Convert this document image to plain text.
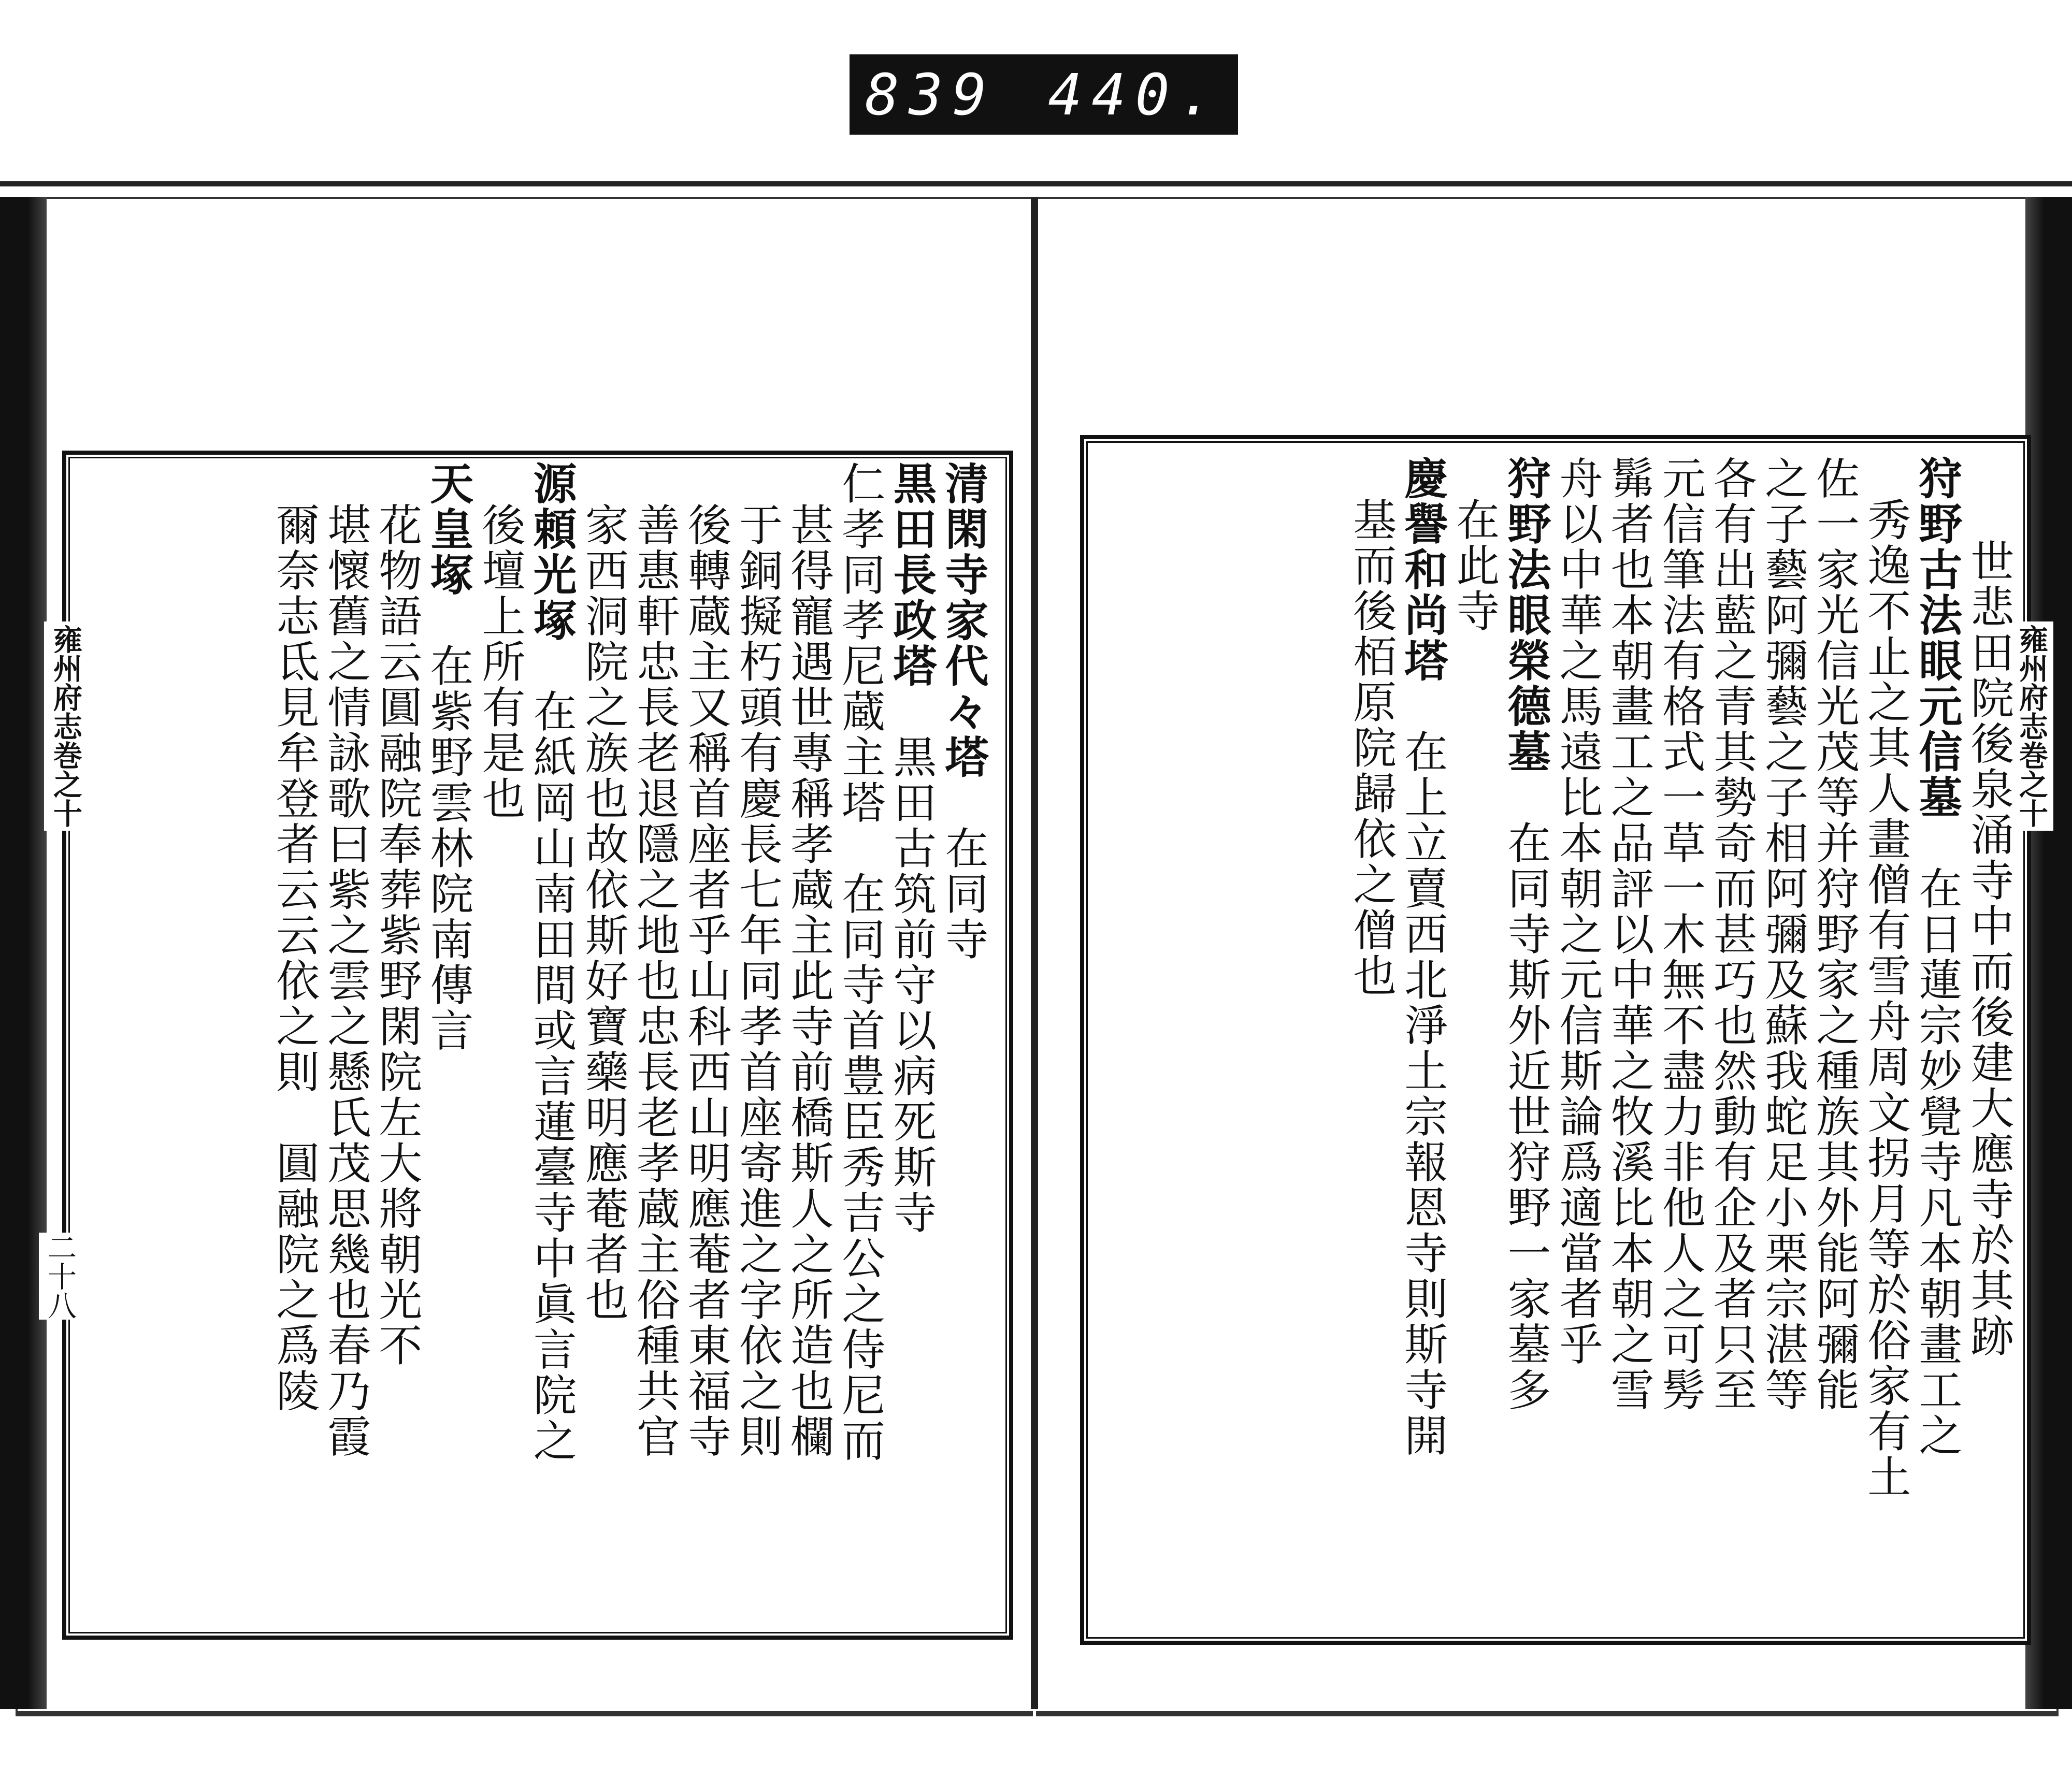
839 440.
雍州府志巻之十
二十八
雍州府志巻之十
世悲田院後泉涌寺中而後建大應寺於其跡
狩野古法眼元信墓　在日蓮宗妙覺寺凡本朝畫工之
秀逸不止之其人畫僧有雪舟周文拐月等於俗家有土
佐一家光信光茂等并狩野家之種族其外能阿彌能
之子藝阿彌藝之子相阿彌及蘇我蛇足小栗宗湛等
各有出藍之青其勢奇而甚巧也然動有企及者只至
元信筆法有格式一草一木無不盡力非他人之可髣
髴者也本朝畫工之品評以中華之牧溪比本朝之雪
舟以中華之馬遠比本朝之元信斯論爲適當者乎
狩野法眼榮德墓　在同寺斯外近世狩野一家墓多
在此寺
慶譽和尚塔　在上立賣西北淨土宗報恩寺則斯寺開
基而後栢原院歸依之僧也
清閑寺家代々塔　在同寺
黒田長政塔　黒田古筑前守以病死斯寺
仁孝同孝尼蔵主塔　在同寺首豊臣秀吉公之侍尼而
甚得寵遇世專稱孝蔵主此寺前橋斯人之所造也欄
于銅擬朽頭有慶長七年同孝首座寄進之字依之則
後轉蔵主又稱首座者乎山科西山明應菴者東福寺
善惠軒忠長老退隱之地也忠長老孝蔵主俗種共官
家西洞院之族也故依斯好寶藥明應菴者也
源頼光塚　在紙岡山南田間或言蓮臺寺中眞言院之
後壇上所有是也
天皇塚　在紫野雲林院南傳言
花物語云圓融院奉葬紫野閑院左大將朝光不
堪懷舊之情詠歌曰紫之雲之懸氏茂思幾也春乃霞
爾奈志氐見牟登者云云依之則　圓融院之爲陵
